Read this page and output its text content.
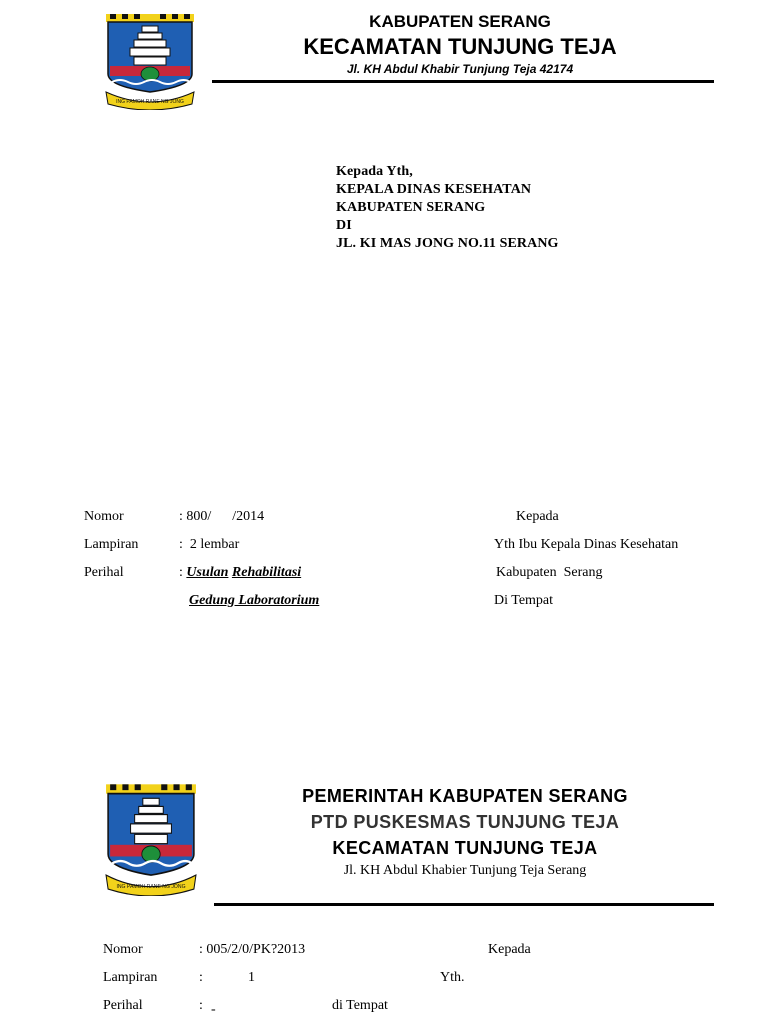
ING PAMOH RANE NG JONG
KABUPATEN SERANG
KECAMATAN TUNJUNG TEJA
Jl. KH Abdul Khabir Tunjung Teja 42174
Kepada Yth,
KEPALA DINAS KESEHATAN
KABUPATEN SERANG
DI
JL. KI MAS JONG NO.11 SERANG
Nomor	: 800/      /2014
Lampiran	:  2 lembar
Perihal	: Usulan Rehabilitasi
Gedung Laboratorium
Kepada
Yth Ibu Kepala Dinas Kesehatan
Kabupaten  Serang
Di Tempat
ING PAMOH RANE NG JONG
PEMERINTAH KABUPATEN SERANG
PTD PUSKESMAS TUNJUNG TEJA
KECAMATAN TUNJUNG TEJA
Jl. KH Abdul Khabier Tunjung Teja Serang
Nomor	: 005/2/0/PK?2013	Kepada
Lampiran	:	1	Yth.
Perihal	: -	di Tempat
